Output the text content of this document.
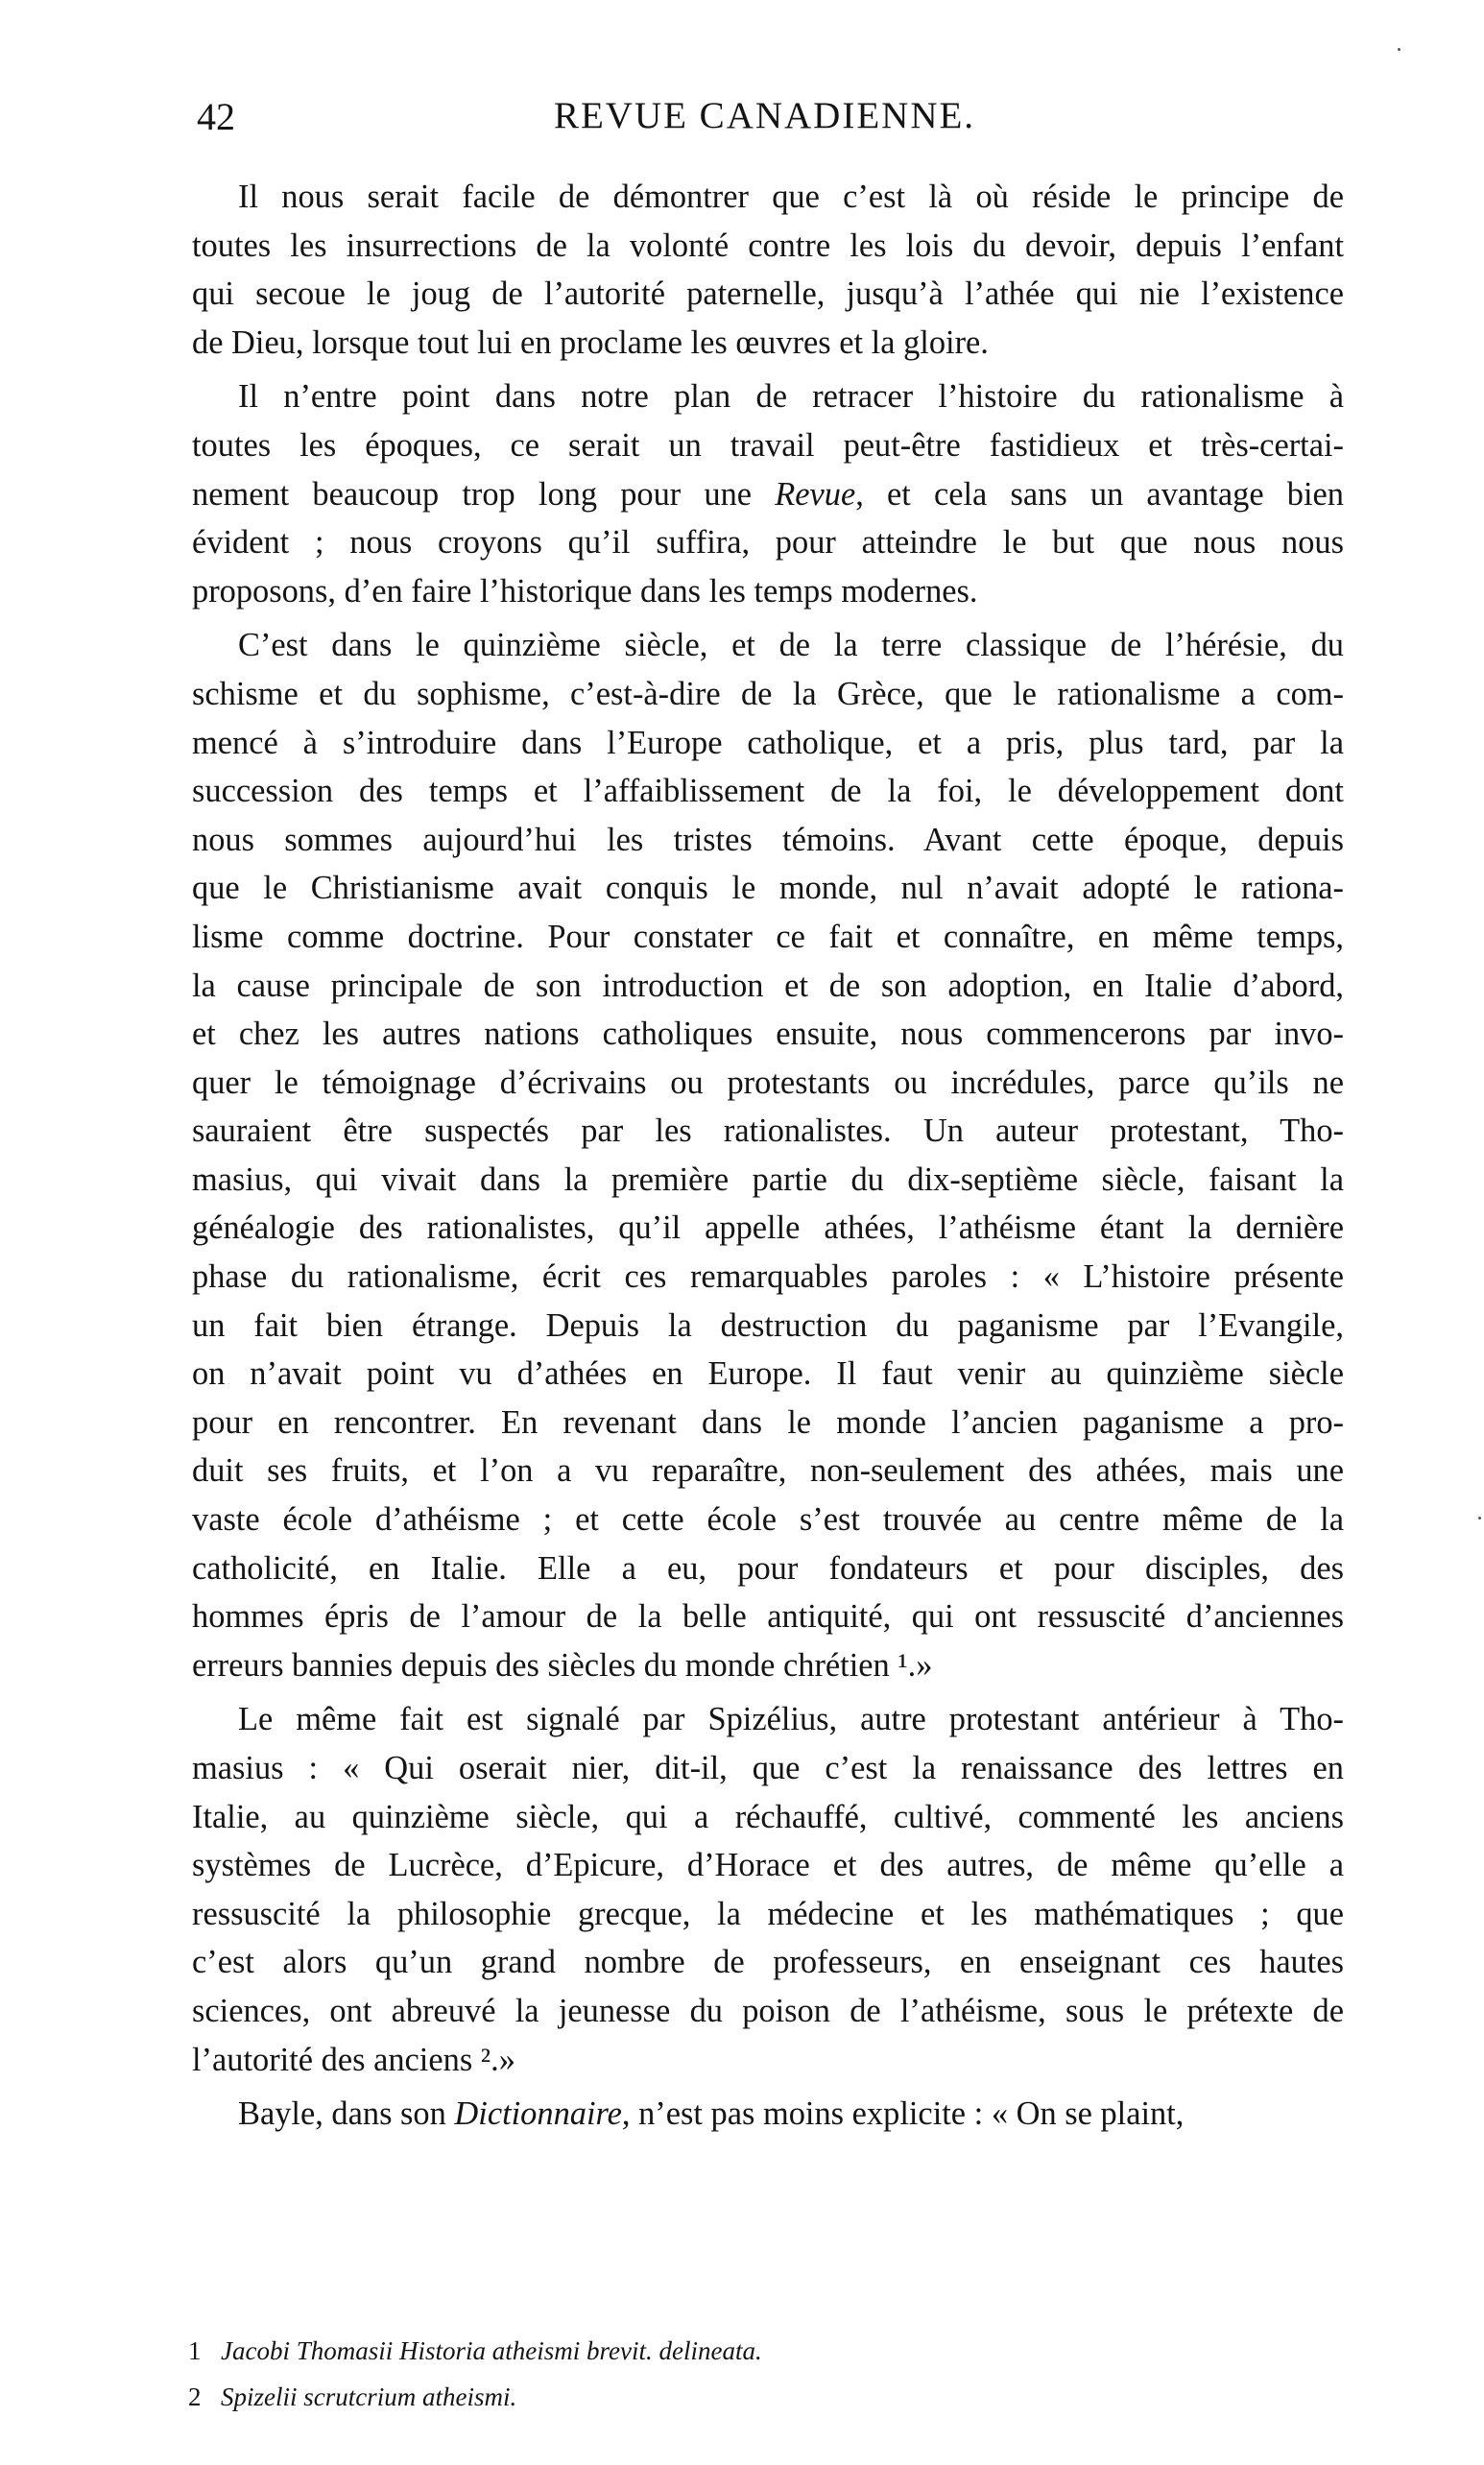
42	REVUE CANADIENNE.
Il nous serait facile de démontrer que c’est là où réside le principe de
toutes les insurrections de la volonté contre les lois du devoir, depuis l’enfant
qui secoue le joug de l’autorité paternelle, jusqu’à l’athée qui nie l’existence
de Dieu, lorsque tout lui en proclame les œuvres et la gloire.
Il n’entre point dans notre plan de retracer l’histoire du rationalisme à
toutes les époques, ce serait un travail peut-être fastidieux et très-certai-
nement beaucoup trop long pour une Revue, et cela sans un avantage bien
évident ; nous croyons qu’il suffira, pour atteindre le but que nous nous
proposons, d’en faire l’historique dans les temps modernes.
C’est dans le quinzième siècle, et de la terre classique de l’hérésie, du
schisme et du sophisme, c’est-à-dire de la Grèce, que le rationalisme a com-
mencé à s’introduire dans l’Europe catholique, et a pris, plus tard, par la
succession des temps et l’affaiblissement de la foi, le développement dont
nous sommes aujourd’hui les tristes témoins. Avant cette époque, depuis
que le Christianisme avait conquis le monde, nul n’avait adopté le rationa-
lisme comme doctrine. Pour constater ce fait et connaître, en même temps,
la cause principale de son introduction et de son adoption, en Italie d’abord,
et chez les autres nations catholiques ensuite, nous commencerons par invo-
quer le témoignage d’écrivains ou protestants ou incrédules, parce qu’ils ne
sauraient être suspectés par les rationalistes. Un auteur protestant, Tho-
masius, qui vivait dans la première partie du dix-septième siècle, faisant la
généalogie des rationalistes, qu’il appelle athées, l’athéisme étant la dernière
phase du rationalisme, écrit ces remarquables paroles : « L’histoire présente
un fait bien étrange. Depuis la destruction du paganisme par l’Evangile,
on n’avait point vu d’athées en Europe. Il faut venir au quinzième siècle
pour en rencontrer. En revenant dans le monde l’ancien paganisme a pro-
duit ses fruits, et l’on a vu reparaître, non-seulement des athées, mais une
vaste école d’athéisme ; et cette école s’est trouvée au centre même de la
catholicité, en Italie. Elle a eu, pour fondateurs et pour disciples, des
hommes épris de l’amour de la belle antiquité, qui ont ressuscité d’anciennes
erreurs bannies depuis des siècles du monde chrétien ¹.»
Le même fait est signalé par Spizélius, autre protestant antérieur à Tho-
masius : « Qui oserait nier, dit-il, que c’est la renaissance des lettres en
Italie, au quinzième siècle, qui a réchauffé, cultivé, commenté les anciens
systèmes de Lucrèce, d’Epicure, d’Horace et des autres, de même qu’elle a
ressuscité la philosophie grecque, la médecine et les mathématiques ; que
c’est alors qu’un grand nombre de professeurs, en enseignant ces hautes
sciences, ont abreuvé la jeunesse du poison de l’athéisme, sous le prétexte de
l’autorité des anciens ².»
Bayle, dans son Dictionnaire, n’est pas moins explicite : « On se plaint,
1 Jacobi Thomasii Historia atheismi brevit. delineata.
2 Spizelii scrutcrium atheismi.
